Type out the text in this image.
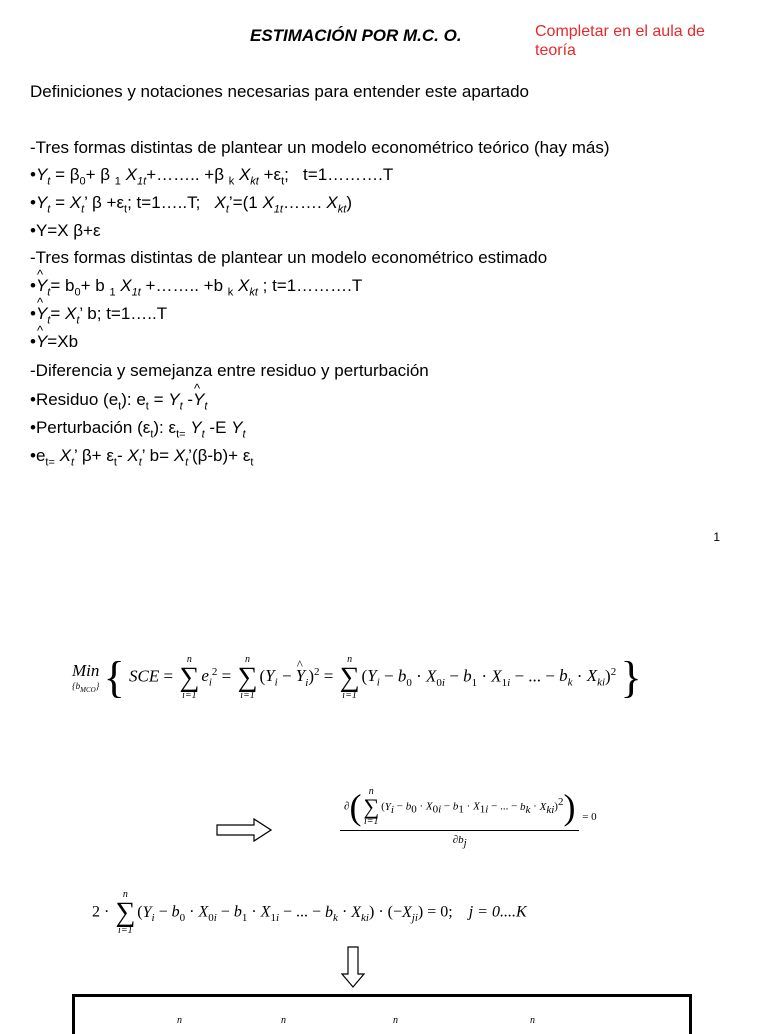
ESTIMACIÓN POR M.C. O.	Completar en el aula de teoría
Definiciones y notaciones necesarias para entender este apartado
-Tres formas distintas de plantear un modelo econométrico teórico (hay más)
$•Y_t = \beta_0+ \beta$ $_1$ $X_{1t}+\dots\dots$.. +β $_k$ $X_{kt} +\varepsilon_t$;   t=1……….T
$•Y_t = X_t$’ $\beta +\varepsilon_t$; t=1…..T;   $X_t’=(1$ $X_{1t}\dots\dots$. $X_{kt}$)
•Y=X β+ε
-Tres formas distintas de plantear un modelo econométrico estimado
•^ $Y_t= b_0+ b$ $_1$ $X_{1t}$ +…….. +b $_k$ $X_{kt}$ ; t=1……….T
•^ $Y_t= X_t$’ b; t=1…..T
•^ Y=Xb
-Diferencia y semejanza entre residuo y perturbación
•Residuo $(e_t)$: $e_t = Y_t$ -^ $Y_t$
•Perturbación $(\varepsilon_t)$: $\varepsilon_{t=}$ $Y_t$ -E $Y_t$
$•e_{t=}$ $X_t$’ $\beta+ \varepsilon_t-$ $X_t$’ $b= X_t’(\beta-b)+ \varepsilon_t$
1
Min
$\{b_{MCO}\}$ { SCE =
n
∑
i=1
$e_i^2$ =
n
∑
i=1
($Y_i$ − ^ $Y_i)^2$ =
n
∑
i=1
($Y_i - b_0 \cdot X_{0i} - b_1 \cdot X_{1i}$ − ... − $b_k \cdot X_{ki})^2$ }
∂( n
∑
i=1
($Y_i - b_0 \cdot X_{0i} - b_1 \cdot X_{1i}$ − ... − $b_k \cdot X_{ki})^2$)
$\partial b_j = 0$
2 ·
n
∑
i=1
($Y_i - b_0 \cdot X_{0i} - b_1 \cdot X_{1i}$ − ... − $b_k \cdot X_{ki}) \cdot (-X_{ji}) = 0$;    j = 0....K
n	n	n	n
